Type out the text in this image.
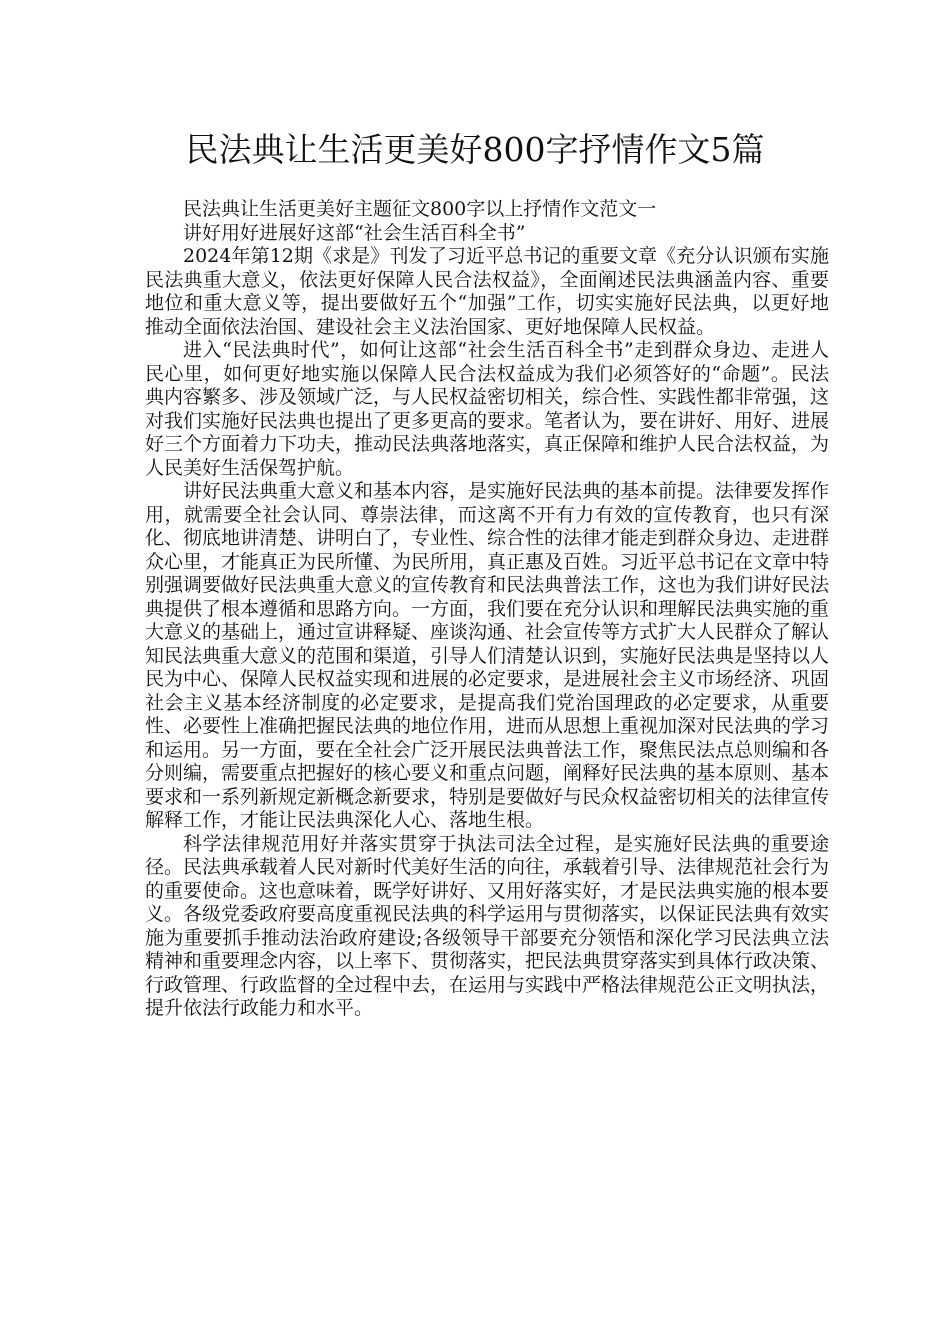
民法典让生活更美好800字抒情作文5篇

民法典让生活更美好主题征文800字以上抒情作文范文一

讲好用好进展好这部“社会生活百科全书”

2024年第12期《求是》刊发了习近平总书记的重要文章《充分认识颁布实施民法典重大意义，依法更好保障人民合法权益》，全面阐述民法典涵盖内容、重要地位和重大意义等，提出要做好五个“加强”工作，切实实施好民法典，以更好地推动全面依法治国、建设社会主义法治国家、更好地保障人民权益。

进入“民法典时代”，如何让这部“社会生活百科全书”走到群众身边、走进人民心里，如何更好地实施以保障人民合法权益成为我们必须答好的“命题”。民法典内容繁多、涉及领域广泛，与人民权益密切相关，综合性、实践性都非常强，这对我们实施好民法典也提出了更多更高的要求。笔者认为，要在讲好、用好、进展好三个方面着力下功夫，推动民法典落地落实，真正保障和维护人民合法权益，为人民美好生活保驾护航。

讲好民法典重大意义和基本内容，是实施好民法典的基本前提。法律要发挥作用，就需要全社会认同、尊崇法律，而这离不开有力有效的宣传教育，也只有深化、彻底地讲清楚、讲明白了，专业性、综合性的法律才能走到群众身边、走进群众心里，才能真正为民所懂、为民所用，真正惠及百姓。习近平总书记在文章中特别强调要做好民法典重大意义的宣传教育和民法典普法工作，这也为我们讲好民法典提供了根本遵循和思路方向。一方面，我们要在充分认识和理解民法典实施的重大意义的基础上，通过宣讲释疑、座谈沟通、社会宣传等方式扩大人民群众了解认知民法典重大意义的范围和渠道，引导人们清楚认识到，实施好民法典是坚持以人民为中心、保障人民权益实现和进展的必定要求，是进展社会主义市场经济、巩固社会主义基本经济制度的必定要求，是提高我们党治国理政的必定要求，从重要性、必要性上准确把握民法典的地位作用，进而从思想上重视加深对民法典的学习和运用。另一方面，要在全社会广泛开展民法典普法工作，聚焦民法点总则编和各分则编，需要重点把握好的核心要义和重点问题，阐释好民法典的基本原则、基本要求和一系列新规定新概念新要求，特别是要做好与民众权益密切相关的法律宣传解释工作，才能让民法典深化人心、落地生根。

科学法律规范用好并落实贯穿于执法司法全过程，是实施好民法典的重要途径。民法典承载着人民对新时代美好生活的向往，承载着引导、法律规范社会行为的重要使命。这也意味着，既学好讲好、又用好落实好，才是民法典实施的根本要义。各级党委政府要高度重视民法典的科学运用与贯彻落实，以保证民法典有效实施为重要抓手推动法治政府建设;各级领导干部要充分领悟和深化学习民法典立法精神和重要理念内容，以上率下、贯彻落实，把民法典贯穿落实到具体行政决策、行政管理、行政监督的全过程中去，在运用与实践中严格法律规范公正文明执法，提升依法行政能力和水平。
